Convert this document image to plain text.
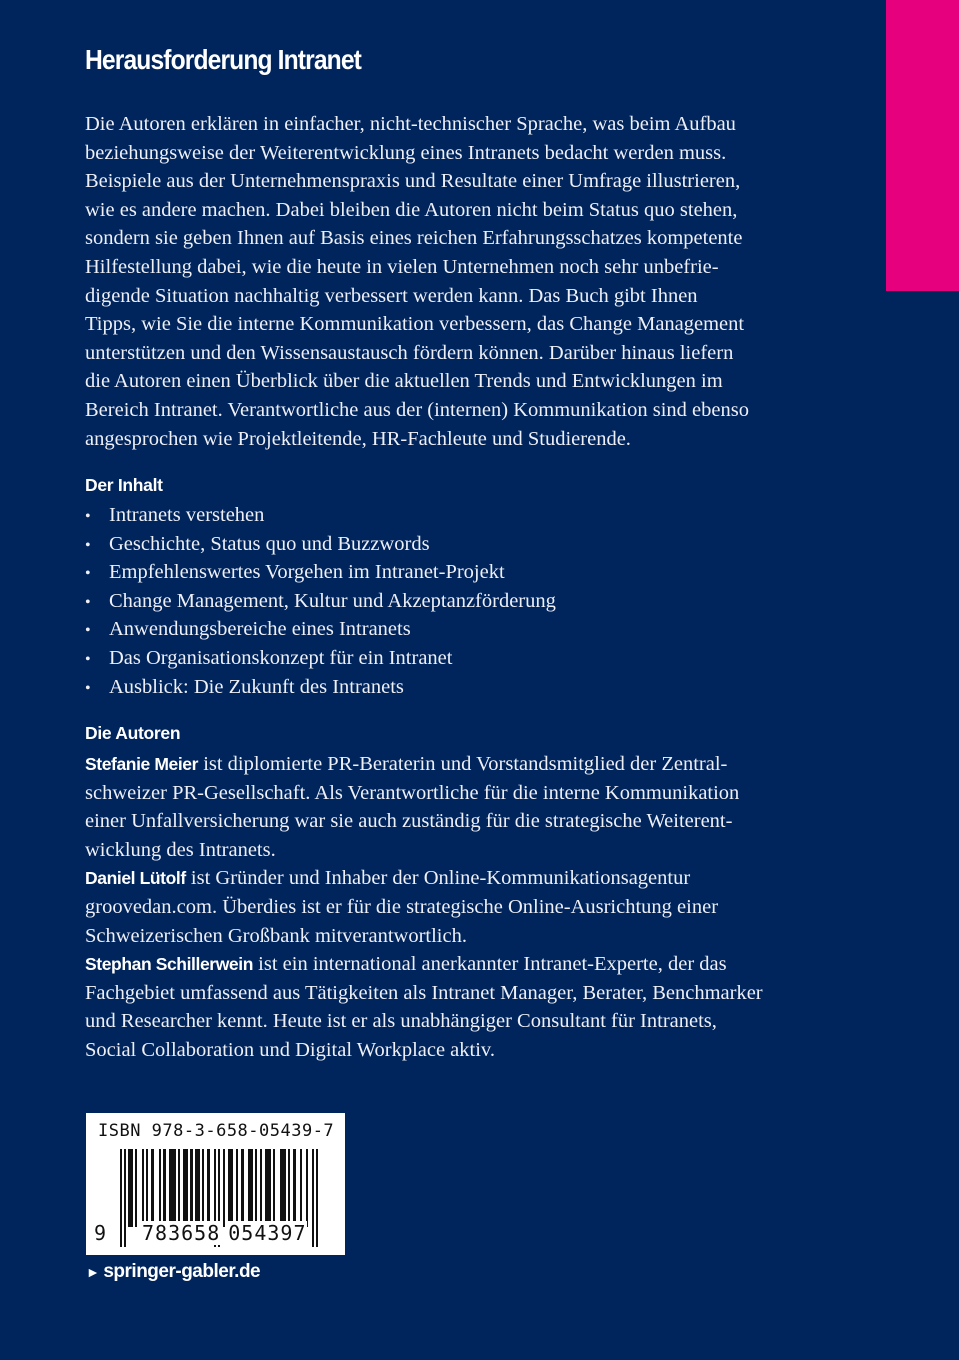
Herausforderung Intranet
Die Autoren erklären in einfacher, nicht-technischer Sprache, was beim Aufbau
beziehungsweise der Weiterentwicklung eines Intranets bedacht werden muss.
Beispiele aus der Unternehmenspraxis und Resultate einer Umfrage illustrieren,
wie es andere machen. Dabei bleiben die Autoren nicht beim Status quo stehen,
sondern sie geben Ihnen auf Basis eines reichen Erfahrungsschatzes kompetente
Hilfestellung dabei, wie die heute in vielen Unternehmen noch sehr unbefrie-
digende Situation nachhaltig verbessert werden kann. Das Buch gibt Ihnen
Tipps, wie Sie die interne Kommunikation verbessern, das Change Management
unterstützen und den Wissensaustausch fördern können. Darüber hinaus liefern
die Autoren einen Überblick über die aktuellen Trends und Entwicklungen im
Bereich Intranet. Verantwortliche aus der (internen) Kommunikation sind ebenso
angesprochen wie Projektleitende, HR-Fachleute und Studierende.
Der Inhalt
• Intranets verstehen
• Geschichte, Status quo und Buzzwords
• Empfehlenswertes Vorgehen im Intranet-Projekt
• Change Management, Kultur und Akzeptanzförderung
• Anwendungsbereiche eines Intranets
• Das Organisationskonzept für ein Intranet
• Ausblick: Die Zukunft des Intranets
Die Autoren
Stefanie Meier ist diplomierte PR-Beraterin und Vorstandsmitglied der Zentral-
schweizer PR-Gesellschaft. Als Verantwortliche für die interne Kommunikation
einer Unfallversicherung war sie auch zuständig für die strategische Weiterent-
wicklung des Intranets.
Daniel Lütolf ist Gründer und Inhaber der Online-Kommunikationsagentur
groovedan.com. Überdies ist er für die strategische Online-Ausrichtung einer
Schweizerischen Großbank mitverantwortlich.
Stephan Schillerwein ist ein international anerkannter Intranet-Experte, der das
Fachgebiet umfassend aus Tätigkeiten als Intranet Manager, Berater, Benchmarker
und Researcher kennt. Heute ist er als unabhängiger Consultant für Intranets,
Social Collaboration und Digital Workplace aktiv.
ISBN 978-3-658-05439-7
9	783658 054397
► springer-gabler.de
